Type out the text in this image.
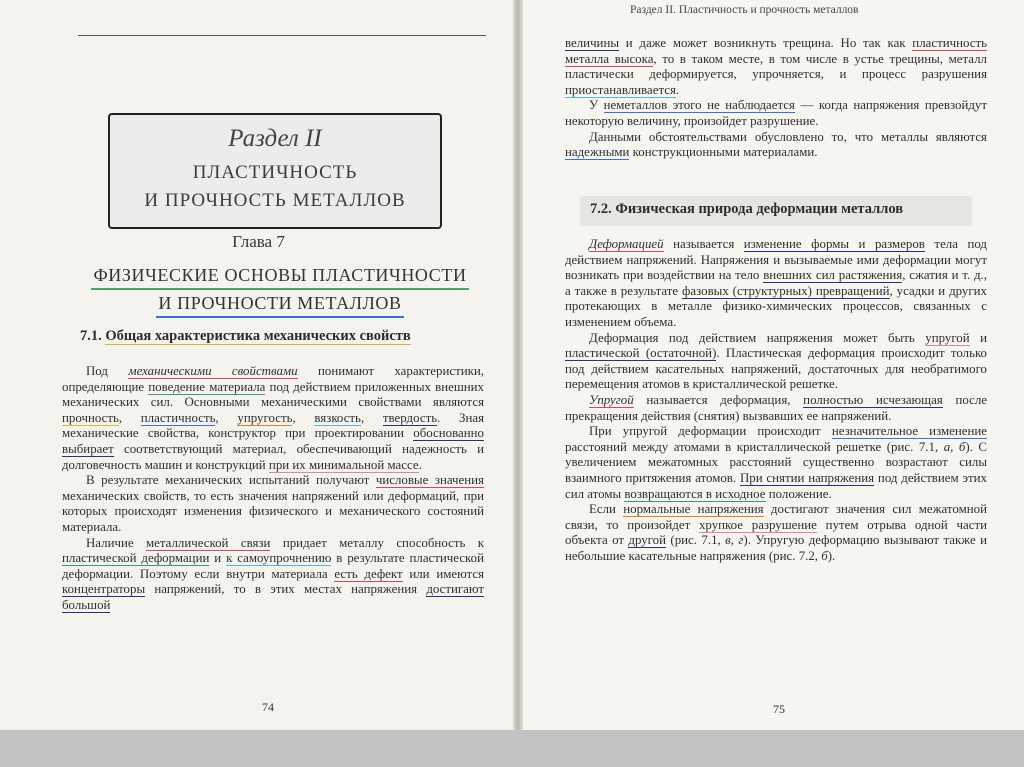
Раздел II
ПЛАСТИЧНОСТЬ
И ПРОЧНОСТЬ МЕТАЛЛОВ
Глава 7
ФИЗИЧЕСКИЕ ОСНОВЫ ПЛАСТИЧНОСТИ
И ПРОЧНОСТИ МЕТАЛЛОВ
7.1. Общая характеристика механических свойств

Под механическими свойствами понимают характеристики, определяющие поведение материала под действием приложенных внешних механических сил. Основными механическими свойствами являются прочность, пластичность, упругость, вязкость, твердость. Зная механические свойства, конструктор при проектировании обоснованно выбирает соответствующий материал, обеспечивающий надежность и долговечность машин и конструкций при их минимальной массе.

В результате механических испытаний получают числовые значения механических свойств, то есть значения напряжений или деформаций, при которых происходят изменения физического и механического состояний материала.

Наличие металлической связи придает металлу способность к пластической деформации и к самоупрочнению в результате пластической деформации. Поэтому если внутри материала есть дефект или имеются концентраторы напряжений, то в этих местах напряжения достигают большой

74
Раздел II. Пластичность и прочность металлов

величины и даже может возникнуть трещина. Но так как пластичность металла высока, то в таком месте, в том числе в устье трещины, металл пластически деформируется, упрочняется, и процесс разрушения приостанавливается.

У неметаллов этого не наблюдается — когда напряжения превзойдут некоторую величину, произойдет разрушение.

Данными обстоятельствами обусловлено то, что металлы являются надежными конструкционными материалами.

7.2. Физическая природа деформации металлов

Деформацией называется изменение формы и размеров тела под действием напряжений. Напряжения и вызываемые ими деформации могут возникать при воздействии на тело внешних сил растяжения, сжатия и т. д., а также в результате фазовых (структурных) превращений, усадки и других протекающих в металле физико-химических процессов, связанных с изменением объема.

Деформация под действием напряжения может быть упругой и пластической (остаточной). Пластическая деформация происходит только под действием касательных напряжений, достаточных для необратимого перемещения атомов в кристаллической решетке.

Упругой называется деформация, полностью исчезающая после прекращения действия (снятия) вызвавших ее напряжений.

При упругой деформации происходит незначительное изменение расстояний между атомами в кристаллической решетке (рис. 7.1, а, б). С увеличением межатомных расстояний существенно возрастают силы взаимного притяжения атомов. При снятии напряжения под действием этих сил атомы возвращаются в исходное положение.

Если нормальные напряжения достигают значения сил межатомной связи, то произойдет хрупкое разрушение путем отрыва одной части объекта от другой (рис. 7.1, в, г). Упругую деформацию вызывают также и небольшие касательные напряжения (рис. 7.2, б).

75
